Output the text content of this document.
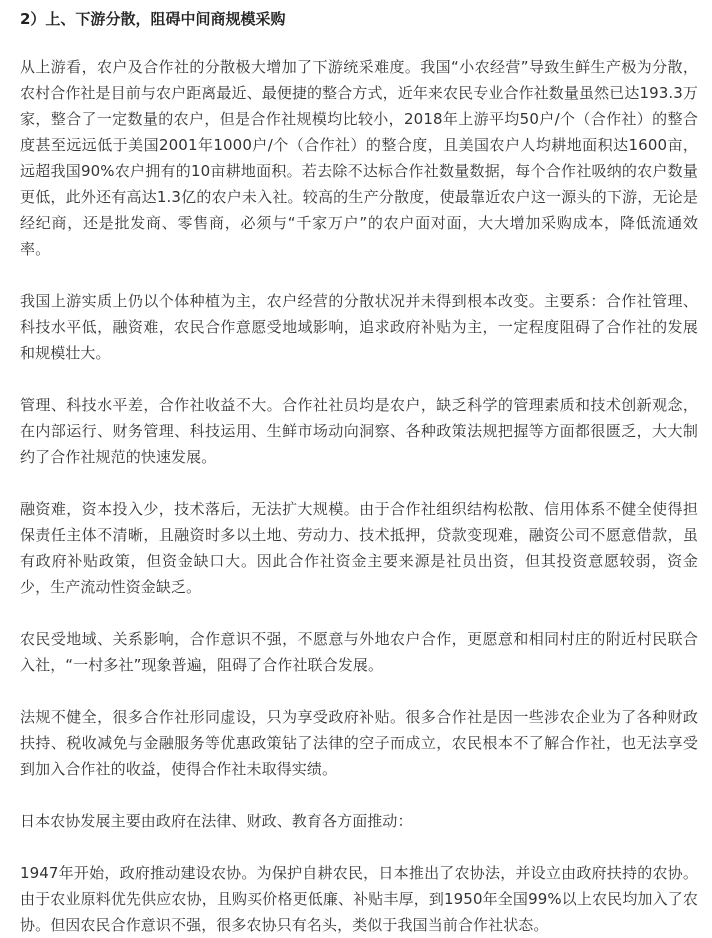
2）上、下游分散，阻碍中间商规模采购

从上游看，农户及合作社的分散极大增加了下游统采难度。我国“小农经营”导致生鲜生产极为分散，农村合作社是目前与农户距离最近、最便捷的整合方式，近年来农民专业合作社数量虽然已达193.3万家，整合了一定数量的农户，但是合作社规模均比较小，2018年上游平均50户/个（合作社）的整合度甚至远远低于美国2001年1000户/个（合作社）的整合度，且美国农户人均耕地面积达1600亩，远超我国90%农户拥有的10亩耕地面积。若去除不达标合作社数量数据，每个合作社吸纳的农户数量更低，此外还有高达1.3亿的农户未入社。较高的生产分散度，使最靠近农户这一源头的下游，无论是经纪商，还是批发商、零售商，必须与“千家万户”的农户面对面，大大增加采购成本，降低流通效率。

我国上游实质上仍以个体种植为主，农户经营的分散状况并未得到根本改变。主要系：合作社管理、科技水平低，融资难，农民合作意愿受地域影响，追求政府补贴为主，一定程度阻碍了合作社的发展和规模壮大。

管理、科技水平差，合作社收益不大。合作社社员均是农户，缺乏科学的管理素质和技术创新观念，在内部运行、财务管理、科技运用、生鲜市场动向洞察、各种政策法规把握等方面都很匮乏，大大制约了合作社规范的快速发展。

融资难，资本投入少，技术落后，无法扩大规模。由于合作社组织结构松散、信用体系不健全使得担保责任主体不清晰，且融资时多以土地、劳动力、技术抵押，贷款变现难，融资公司不愿意借款，虽有政府补贴政策，但资金缺口大。因此合作社资金主要来源是社员出资，但其投资意愿较弱，资金少，生产流动性资金缺乏。

农民受地域、关系影响，合作意识不强，不愿意与外地农户合作，更愿意和相同村庄的附近村民联合入社，“一村多社”现象普遍，阻碍了合作社联合发展。

法规不健全，很多合作社形同虚设，只为享受政府补贴。很多合作社是因一些涉农企业为了各种财政扶持、税收减免与金融服务等优惠政策钻了法律的空子而成立，农民根本不了解合作社，也无法享受到加入合作社的收益，使得合作社未取得实绩。

日本农协发展主要由政府在法律、财政、教育各方面推动：

1947年开始，政府推动建设农协。为保护自耕农民，日本推出了农协法，并设立由政府扶持的农协。由于农业原料优先供应农协，且购买价格更低廉、补贴丰厚，到1950年全国99%以上农民均加入了农协。但因农民合作意识不强，很多农协只有名头，类似于我国当前合作社状态。
